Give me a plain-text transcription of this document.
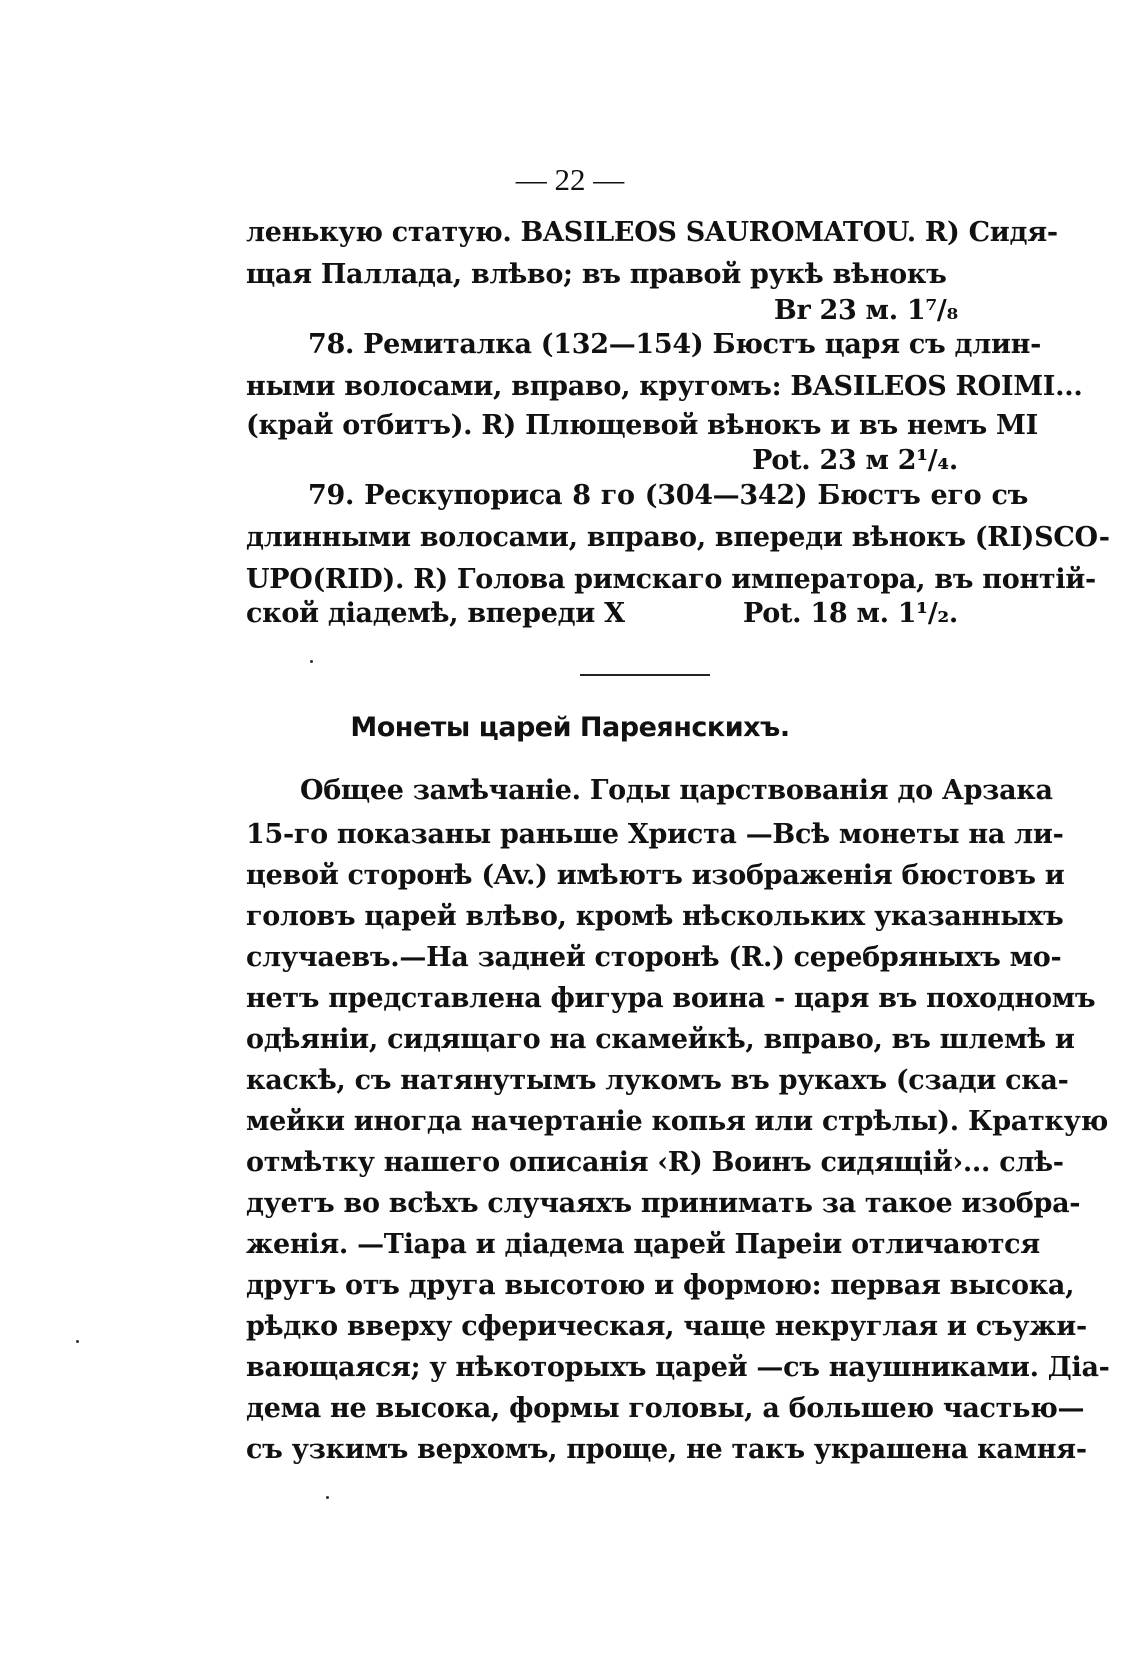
— 22 —
ленькую статую. BASILEOS SAUROMATOU. R) Сидя-
щая Паллада, влѣво; въ правой рукѣ вѣнокъ
Br 23 м. 1⁷/₈
78. Ремиталка (132—154) Бюстъ царя съ длин-
ными волосами, вправо, кругомъ: BASILEOS ROIMI...
(край отбитъ). R) Плющевой вѣнокъ и въ немъ MI
Pot. 23 м 2¹/₄.
79. Рескупориса 8 го (304—342) Бюстъ его съ
длинными волосами, вправо, впереди вѣнокъ (RI)SCO-
UPO(RID). R) Голова римскаго императора, въ понтій-
ской діадемѣ, впереди X	Pot. 18 м. 1¹/₂.
Монеты царей Пареянскихъ.
Общее замѣчаніе. Годы царствованія до Арзака
15-го показаны раньше Христа —Всѣ монеты на ли-
цевой сторонѣ (Av.) имѣютъ изображенія бюстовъ и
головъ царей влѣво, кромѣ нѣскольких указанныхъ
случаевъ.—На задней сторонѣ (R.) серебряныхъ мо-
нетъ представлена фигура воина - царя въ походномъ
одѣяніи, сидящаго на скамейкѣ, вправо, въ шлемѣ и
каскѣ, съ натянутымъ лукомъ въ рукахъ (сзади ска-
мейки иногда начертаніе копья или стрѣлы). Краткую
отмѣтку нашего описанія ‹R) Воинъ сидящій›... слѣ-
дуетъ во всѣхъ случаяхъ принимать за такое изобра-
женія. —Тіара и діадема царей Пареіи отличаются
другъ отъ друга высотою и формою: первая высока,
рѣдко вверху сферическая, чаще некруглая и съужи-
вающаяся; у нѣкоторыхъ царей —съ наушниками. Діа-
дема не высока, формы головы, а большею частью—
съ узкимъ верхомъ, проще, не такъ украшена камня-
